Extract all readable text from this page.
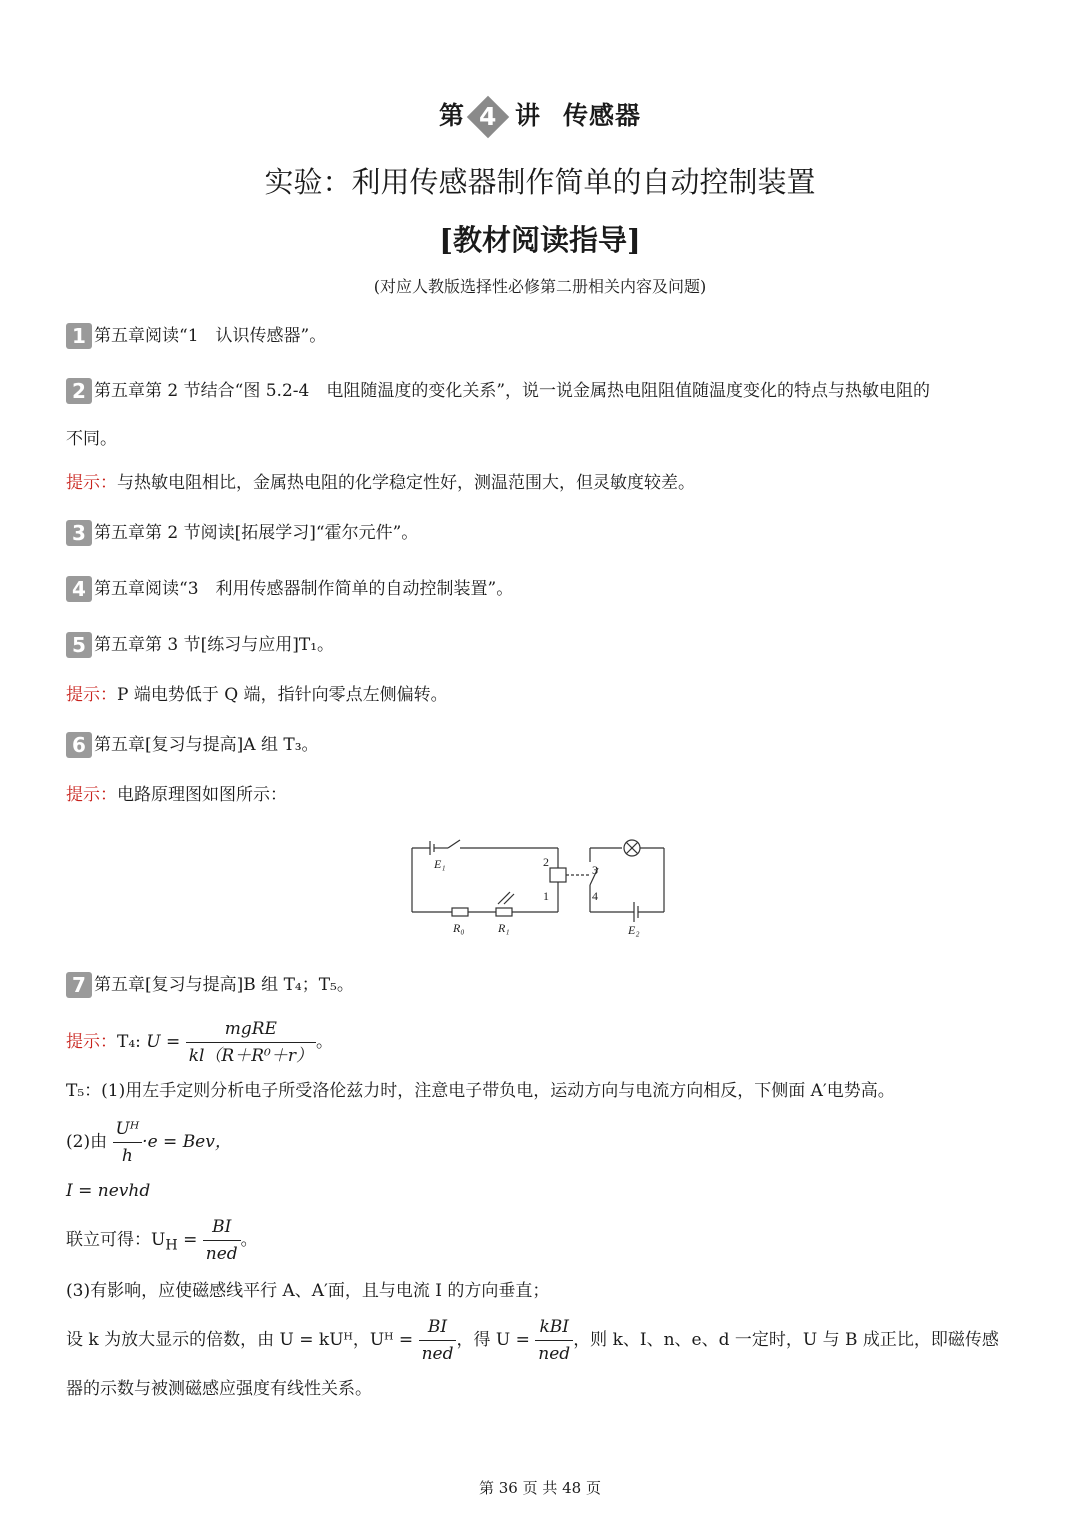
第 4 讲 传感器
实验：利用传感器制作简单的自动控制装置
[教材阅读指导]
(对应人教版选择性必修第二册相关内容及问题)
1 第五章阅读“1　认识传感器”。
2 第五章第 2 节结合“图 5.2-4　电阻随温度的变化关系”，说一说金属热电阻阻值随温度变化的特点与热敏电阻的
不同。
提示：与热敏电阻相比，金属热电阻的化学稳定性好，测温范围大，但灵敏度较差。
3 第五章第 2 节阅读[拓展学习]“霍尔元件”。
4 第五章阅读“3　利用传感器制作简单的自动控制装置”。
5 第五章第 3 节[练习与应用]T₁。
提示：P 端电势低于 Q 端，指针向零点左侧偏转。
6 第五章[复习与提高]A 组 T₃。
提示：电路原理图如图所示：
E₁	2
1
3
4
R₀	R₁	E₂
7 第五章[复习与提高]B 组 T₄；T₅。
提示：T₄: $U = \frac{\text{mgRE}}{\text{kl（R＋R⁰＋r）}}$ 。
T₅：(1)用左手定则分析电子所受洛伦兹力时，注意电子带负电，运动方向与电流方向相反，下侧面 A′电势高。
(2)由 $\frac{\text{Uᴴ}}{h} \cdot e$ = Bev，
I = nevhd
联立可得：$U_H = \frac{BI}{\text{ned}}$ 。
(3)有影响，应使磁感线平行 A、A′面，且与电流 I 的方向垂直；
设 k 为放大显示的倍数，由 U = kUᴴ，Uᴴ = $\frac{BI}{\text{ned}}$ ，得 $U = \frac{\text{kBI}}{\text{ned}}$ ，则 k、I、n、e、d 一定时，U 与 B 成正比，即磁传感
器的示数与被测磁感应强度有线性关系。
第 36 页 共 48 页
